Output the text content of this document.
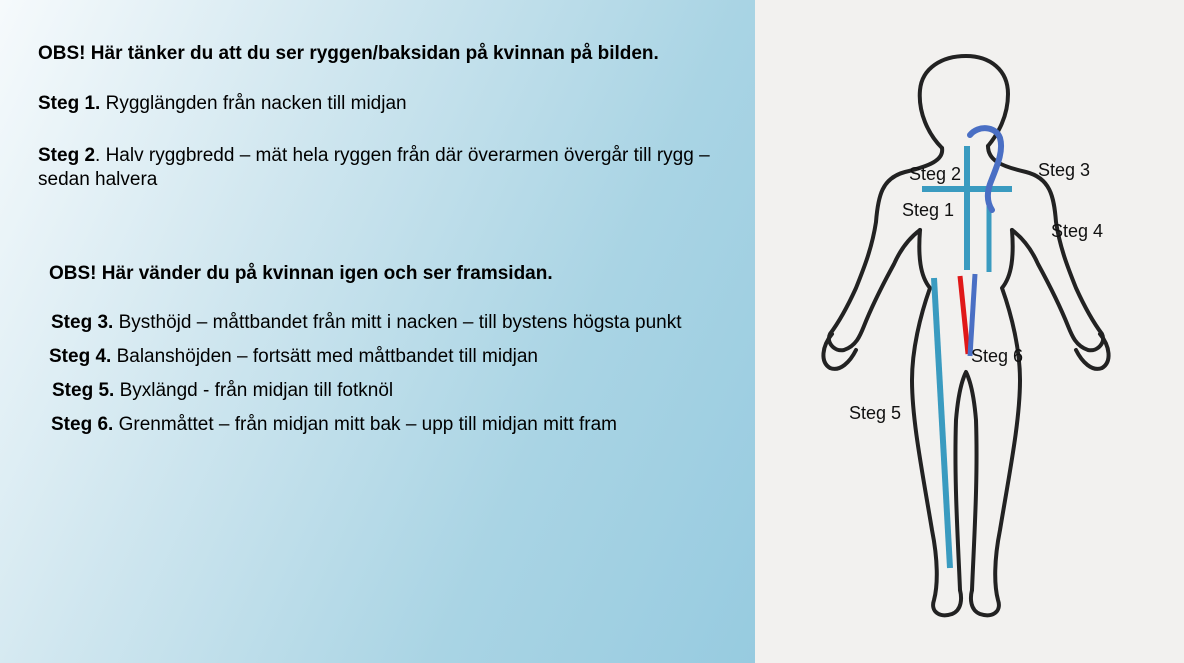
OBS! Här tänker du att du ser ryggen/baksidan på kvinnan på bilden.

Steg 1. Rygglängden från nacken till midjan

Steg 2. Halv ryggbredd – mät hela ryggen från där överarmen övergår till rygg – sedan halvera

OBS! Här vänder du på kvinnan igen och ser framsidan.

Steg 3. Bysthöjd – måttbandet från mitt i nacken – till bystens högsta punkt

Steg 4. Balanshöjden – fortsätt med måttbandet till midjan

Steg 5. Byxlängd - från midjan till fotknöl

Steg 6. Grenmåttet – från midjan mitt bak – upp till midjan mitt fram

Steg 2
Steg 1
Steg 3
Steg 4
Steg 6
Steg 5
